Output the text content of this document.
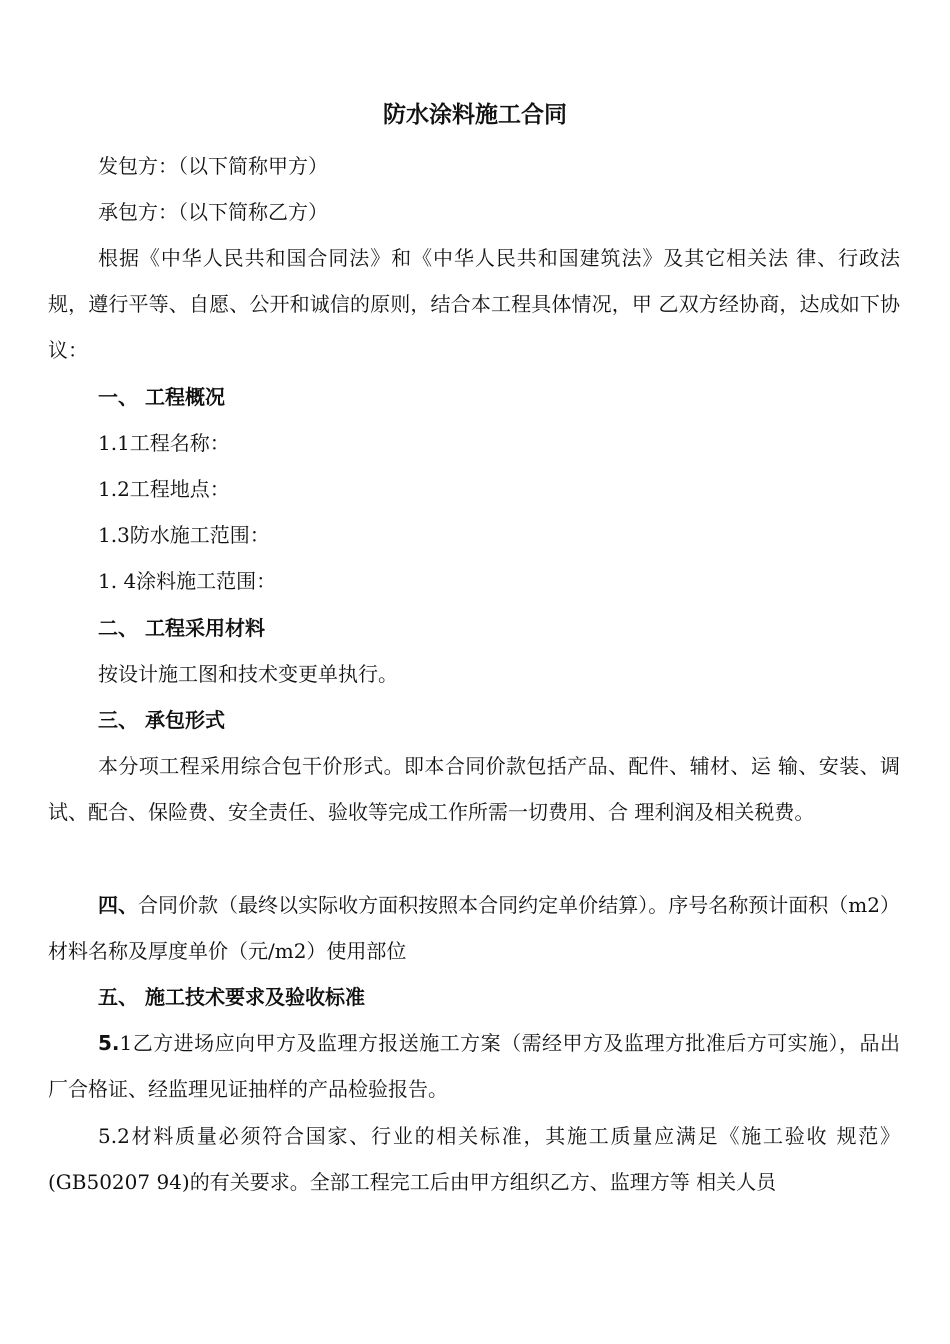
防水涂料施工合同
发包方：（以下简称甲方）
承包方：（以下简称乙方）
根据《中华人民共和国合同法》和《中华人民共和国建筑法》及其它相关法 律、行政法规，遵行平等、自愿、公开和诚信的原则，结合本工程具体情况，甲 乙双方经协商，达成如下协议：
一、 工程概况
1.1工程名称：
1.2工程地点：
1.3防水施工范围：
1. 4涂料施工范围：
二、 工程采用材料
按设计施工图和技术变更单执行。
三、 承包形式
本分项工程采用综合包干价形式。即本合同价款包括产品、配件、辅材、运 输、安装、调试、配合、保险费、安全责任、验收等完成工作所需一切费用、合 理利润及相关税费。
四、合同价款（最终以实际收方面积按照本合同约定单价结算）。序号名称预计面积（m2）材料名称及厚度单价（元/m2）使用部位
五、 施工技术要求及验收标准
5.1乙方进场应向甲方及监理方报送施工方案（需经甲方及监理方批准后方可实施），品出厂合格证、经监理见证抽样的产品检验报告。
5.2材料质量必须符合国家、行业的相关标准，其施工质量应满足《施工验收 规范》(GB50207 94)的有关要求。全部工程完工后由甲方组织乙方、监理方等 相关人员
